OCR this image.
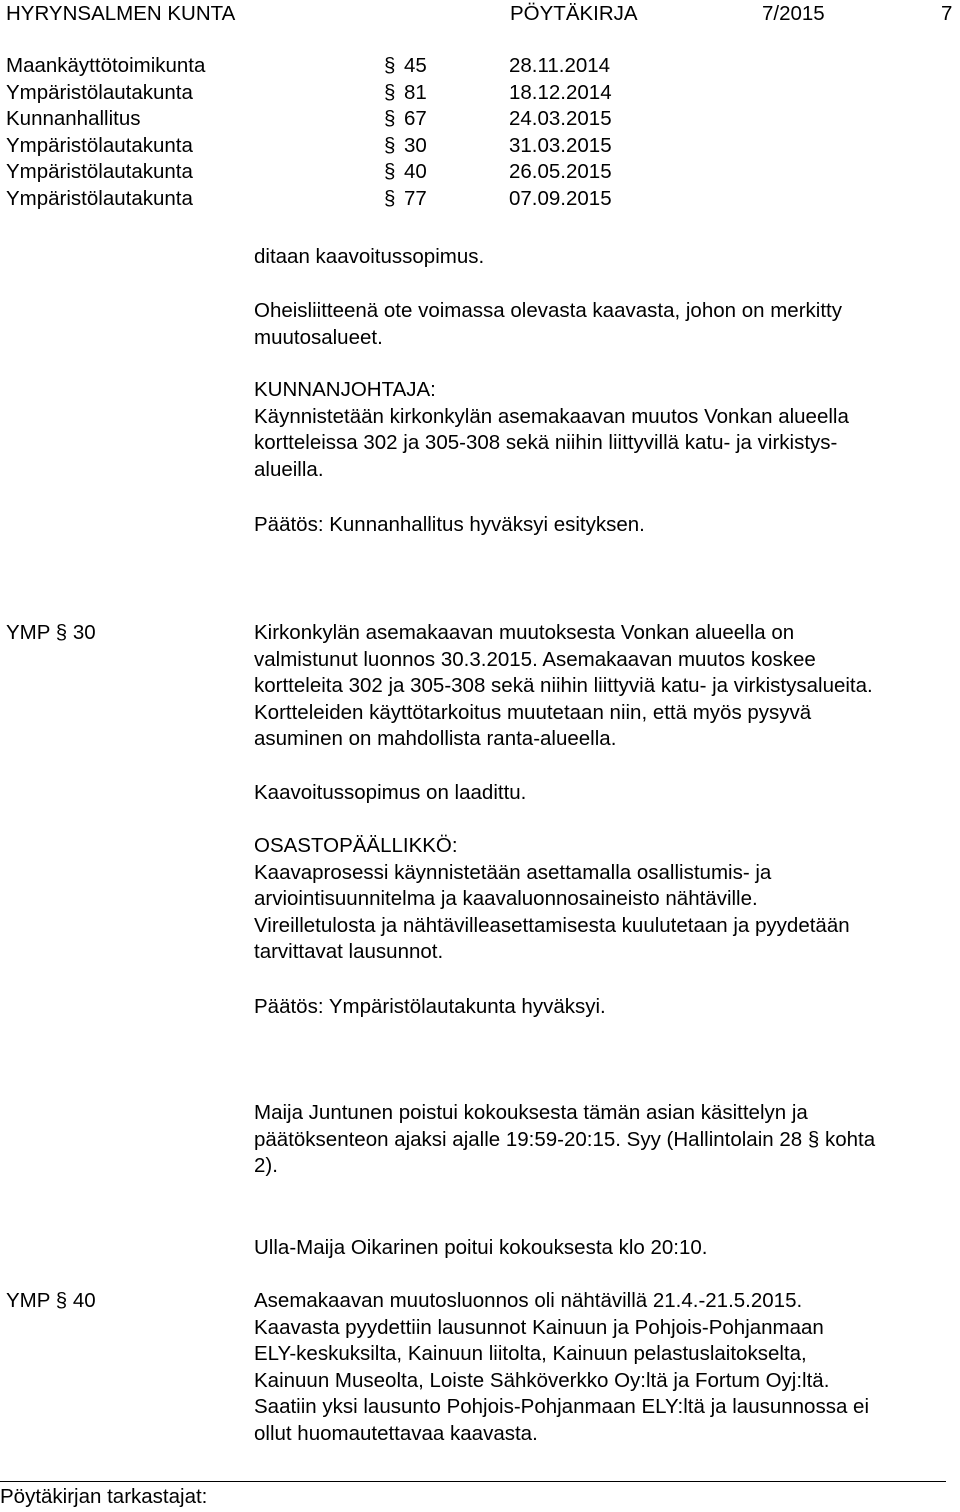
HYRYNSALMEN KUNTA	PÖYTÄKIRJA	7/2015	7
Maankäyttötoimikunta	§ 45	28.11.2014
Ympäristölautakunta	§ 81	18.12.2014
Kunnanhallitus	§ 67	24.03.2015
Ympäristölautakunta	§ 30	31.03.2015
Ympäristölautakunta	§ 40	26.05.2015
Ympäristölautakunta	§ 77	07.09.2015
ditaan kaavoitussopimus.
Oheisliitteenä ote voimassa olevasta kaavasta, johon on merkitty
muutosalueet.
KUNNANJOHTAJA:
Käynnistetään kirkonkylän asemakaavan muutos Vonkan alueella
kortteleissa 302 ja 305-308 sekä niihin liittyvillä katu- ja virkistys-
alueilla.
Päätös: Kunnanhallitus hyväksyi esityksen.
YMP § 30	Kirkonkylän asemakaavan muutoksesta Vonkan alueella on
valmistunut luonnos 30.3.2015. Asemakaavan muutos koskee
kortteleita 302 ja 305-308 sekä niihin liittyviä katu- ja virkistysalueita.
Kortteleiden käyttötarkoitus muutetaan niin, että myös pysyvä
asuminen on mahdollista ranta-alueella.
Kaavoitussopimus on laadittu.
OSASTOPÄÄLLIKKÖ:
Kaavaprosessi käynnistetään asettamalla osallistumis- ja
arviointisuunnitelma ja kaavaluonnosaineisto nähtäville.
Vireilletulosta ja nähtävilleasettamisesta kuulutetaan ja pyydetään
tarvittavat lausunnot.
Päätös: Ympäristölautakunta hyväksyi.
Maija Juntunen poistui kokouksesta tämän asian käsittelyn ja
päätöksenteon ajaksi ajalle 19:59-20:15. Syy (Hallintolain 28 § kohta
2).
Ulla-Maija Oikarinen poitui kokouksesta klo 20:10.
YMP § 40	Asemakaavan muutosluonnos oli nähtävillä 21.4.-21.5.2015.
Kaavasta pyydettiin lausunnot Kainuun ja Pohjois-Pohjanmaan
ELY-keskuksilta, Kainuun liitolta, Kainuun pelastuslaitokselta,
Kainuun Museolta, Loiste Sähköverkko Oy:ltä ja Fortum Oyj:ltä.
Saatiin yksi lausunto Pohjois-Pohjanmaan ELY:ltä ja lausunnossa ei
ollut huomautettavaa kaavasta.
Pöytäkirjan tarkastajat:
